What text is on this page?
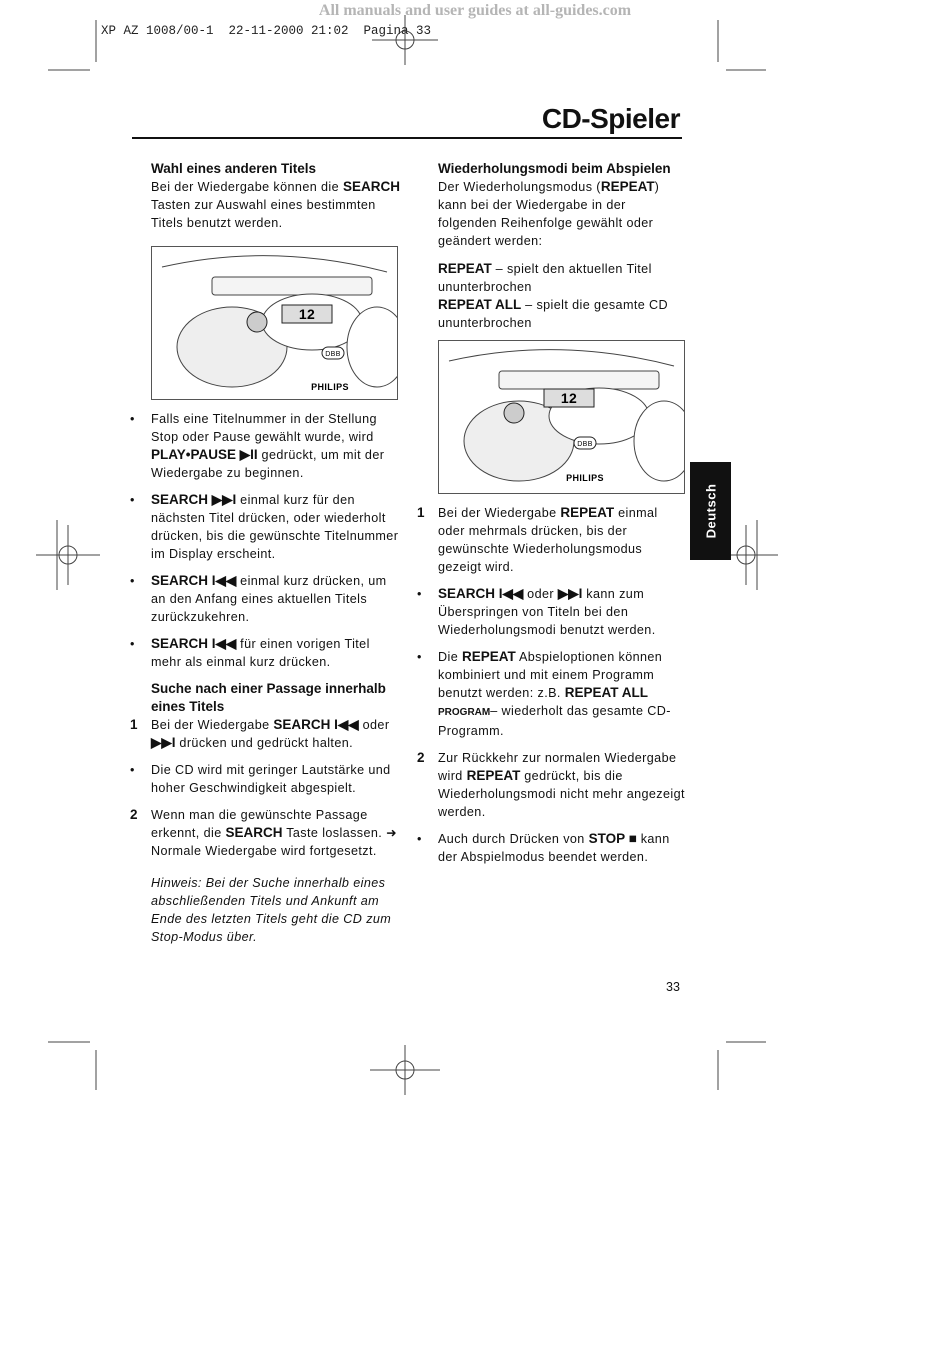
All manuals and user guides at all-guides.com
XP AZ 1008/00-1  22-11-2000 21:02  Pagina 33
CD-Spieler

Wahl eines anderen Titels

Bei der Wiedergabe können die SEARCH Tasten zur Auswahl eines bestimmten Titels benutzt werden.

12
DBB
PHILIPS
• Falls eine Titelnummer in der Stellung Stop oder Pause gewählt wurde, wird PLAY•PAUSE ▶II gedrückt, um mit der Wiedergabe zu beginnen.

• SEARCH ▶▶I einmal kurz für den nächsten Titel drücken, oder wiederholt drücken, bis die gewünschte Titelnummer im Display erscheint.

• SEARCH I◀◀ einmal kurz drücken, um an den Anfang eines aktuellen Titels zurückzukehren.

• SEARCH I◀◀ für einen vorigen Titel mehr als einmal kurz drücken.

Suche nach einer Passage innerhalb eines Titels

1 Bei der Wiedergabe SEARCH I◀◀ oder ▶▶I drücken und gedrückt halten.

• Die CD wird mit geringer Lautstärke und hoher Geschwindigkeit abgespielt.

2 Wenn man die gewünschte Passage erkennt, die SEARCH Taste loslassen. ➜ Normale Wiedergabe wird fortgesetzt.

Hinweis: Bei der Suche innerhalb eines abschließenden Titels und Ankunft am Ende des letzten Titels geht die CD zum Stop-Modus über.

Wiederholungsmodi beim Abspielen

Der Wiederholungsmodus (REPEAT) kann bei der Wiedergabe in der folgenden Reihenfolge gewählt oder geändert werden:

REPEAT – spielt den aktuellen Titel ununterbrochen

REPEAT ALL – spielt die gesamte CD ununterbrochen

12
DBB
PHILIPS
1 Bei der Wiedergabe REPEAT einmal oder mehrmals drücken, bis der gewünschte Wiederholungsmodus gezeigt wird.

• SEARCH I◀◀ oder ▶▶I kann zum Überspringen von Titeln bei den Wiederholungsmodi benutzt werden.

• Die REPEAT Abspieloptionen können kombiniert und mit einem Programm benutzt werden: z.B. REPEAT ALL PROGRAM– wiederholt das gesamte CD-Programm.

2 Zur Rückkehr zur normalen Wiedergabe wird REPEAT gedrückt, bis die Wiederholungsmodi nicht mehr angezeigt werden.

• Auch durch Drücken von STOP ■ kann der Abspielmodus beendet werden.

Deutsch
33
